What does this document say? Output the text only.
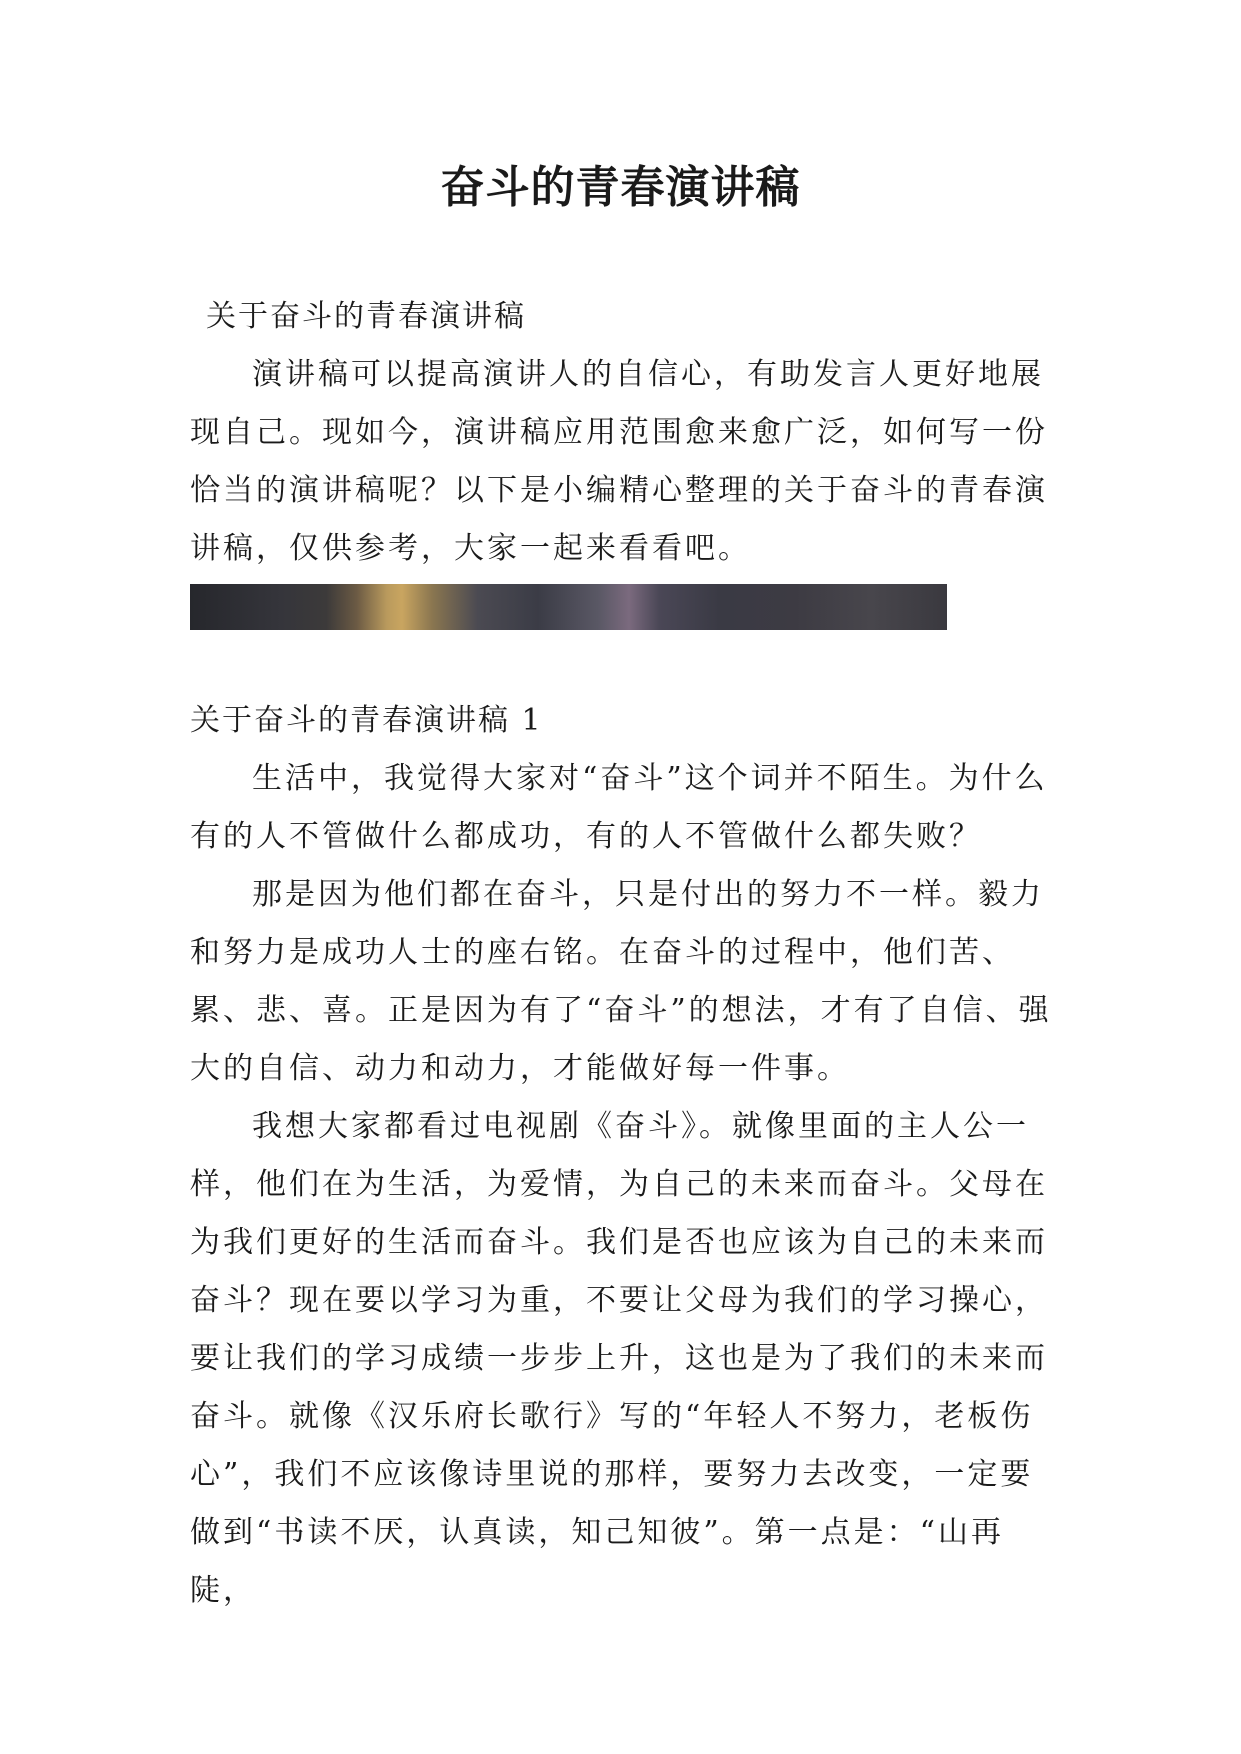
奋斗的青春演讲稿

关于奋斗的青春演讲稿

演讲稿可以提高演讲人的自信心，有助发言人更好地展现自己。现如今，演讲稿应用范围愈来愈广泛，如何写一份恰当的演讲稿呢？以下是小编精心整理的关于奋斗的青春演讲稿，仅供参考，大家一起来看看吧。

关于奋斗的青春演讲稿 1

生活中，我觉得大家对“奋斗”这个词并不陌生。为什么有的人不管做什么都成功，有的人不管做什么都失败？

那是因为他们都在奋斗，只是付出的努力不一样。毅力和努力是成功人士的座右铭。在奋斗的过程中，他们苦、累、悲、喜。正是因为有了“奋斗”的想法，才有了自信、强大的自信、动力和动力，才能做好每一件事。

我想大家都看过电视剧《奋斗》。就像里面的主人公一样，他们在为生活，为爱情，为自己的未来而奋斗。父母在为我们更好的生活而奋斗。我们是否也应该为自己的未来而奋斗？现在要以学习为重，不要让父母为我们的学习操心，要让我们的学习成绩一步步上升，这也是为了我们的未来而奋斗。就像《汉乐府长歌行》写的“年轻人不努力，老板伤心”，我们不应该像诗里说的那样，要努力去改变，一定要做到“书读不厌，认真读，知己知彼”。第一点是：“山再陡，
